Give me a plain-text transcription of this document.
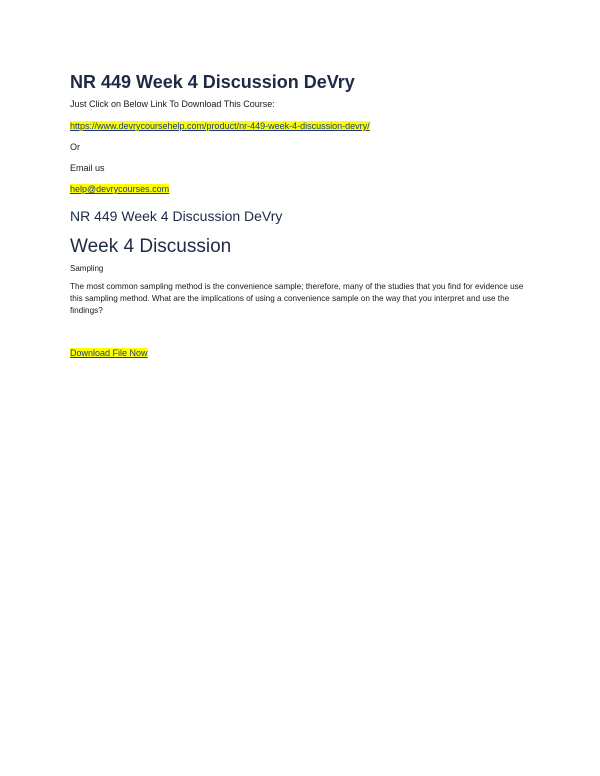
NR 449 Week 4 Discussion DeVry
Just Click on Below Link To Download This Course:
https://www.devrycoursehelp.com/product/nr-449-week-4-discussion-devry/
Or
Email us
help@devrycourses.com
NR 449 Week 4 Discussion DeVry
Week 4 Discussion
Sampling
The most common sampling method is the convenience sample; therefore, many of the studies that you find for evidence use this sampling method. What are the implications of using a convenience sample on the way that you interpret and use the findings?
Download File Now
